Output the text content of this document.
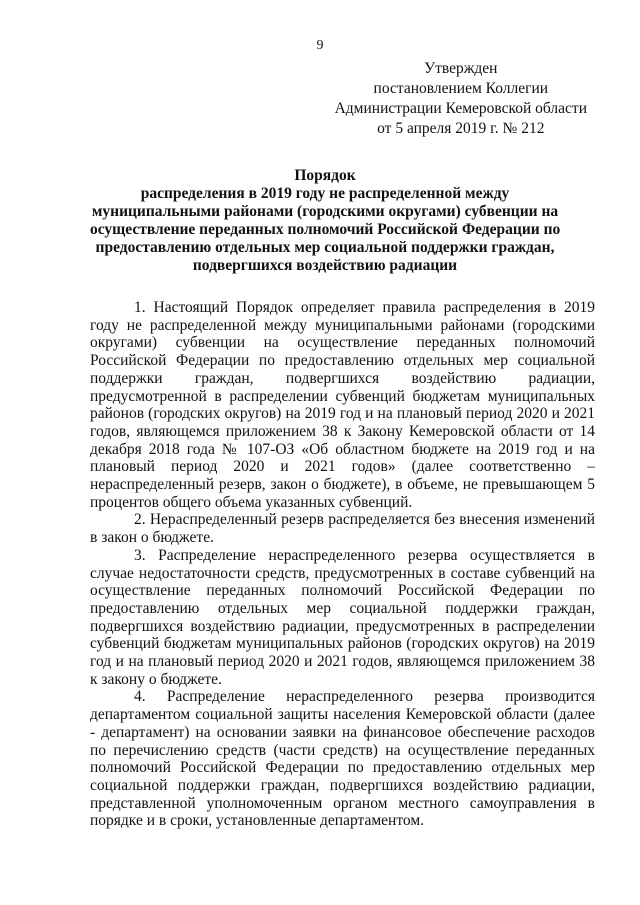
9
Утвержден
постановлением Коллегии
Администрации Кемеровской области
от 5 апреля 2019 г. № 212
Порядок
распределения в 2019 году не распределенной между
муниципальными районами (городскими округами) субвенции на
осуществление переданных полномочий Российской Федерации по
предоставлению отдельных мер социальной поддержки граждан,
подвергшихся воздействию радиации

1. Настоящий Порядок определяет правила распределения в 2019 году не распределенной между муниципальными районами (городскими округами) субвенции на осуществление переданных полномочий Российской Федерации по предоставлению отдельных мер социальной поддержки граждан, подвергшихся воздействию радиации, предусмотренной в распределении субвенций бюджетам муниципальных районов (городских округов) на 2019 год и на плановый период 2020 и 2021 годов, являющемся приложением 38 к Закону Кемеровской области от 14 декабря 2018 года № 107-ОЗ «Об областном бюджете на 2019 год и на плановый период 2020 и 2021 годов» (далее соответственно – нераспределенный резерв, закон о бюджете), в объеме, не превышающем 5 процентов общего объема указанных субвенций.

2. Нераспределенный резерв распределяется без внесения изменений в закон о бюджете.

3. Распределение нераспределенного резерва осуществляется в случае недостаточности средств, предусмотренных в составе субвенций на осуществление переданных полномочий Российской Федерации по предоставлению отдельных мер социальной поддержки граждан, подвергшихся воздействию радиации, предусмотренных в распределении субвенций бюджетам муниципальных районов (городских округов) на 2019 год и на плановый период 2020 и 2021 годов, являющемся приложением 38 к закону о бюджете.

4. Распределение нераспределенного резерва производится департаментом социальной защиты населения Кемеровской области (далее - департамент) на основании заявки на финансовое обеспечение расходов по перечислению средств (части средств) на осуществление переданных полномочий Российской Федерации по предоставлению отдельных мер социальной поддержки граждан, подвергшихся воздействию радиации, представленной уполномоченным органом местного самоуправления в порядке и в сроки, установленные департаментом.
